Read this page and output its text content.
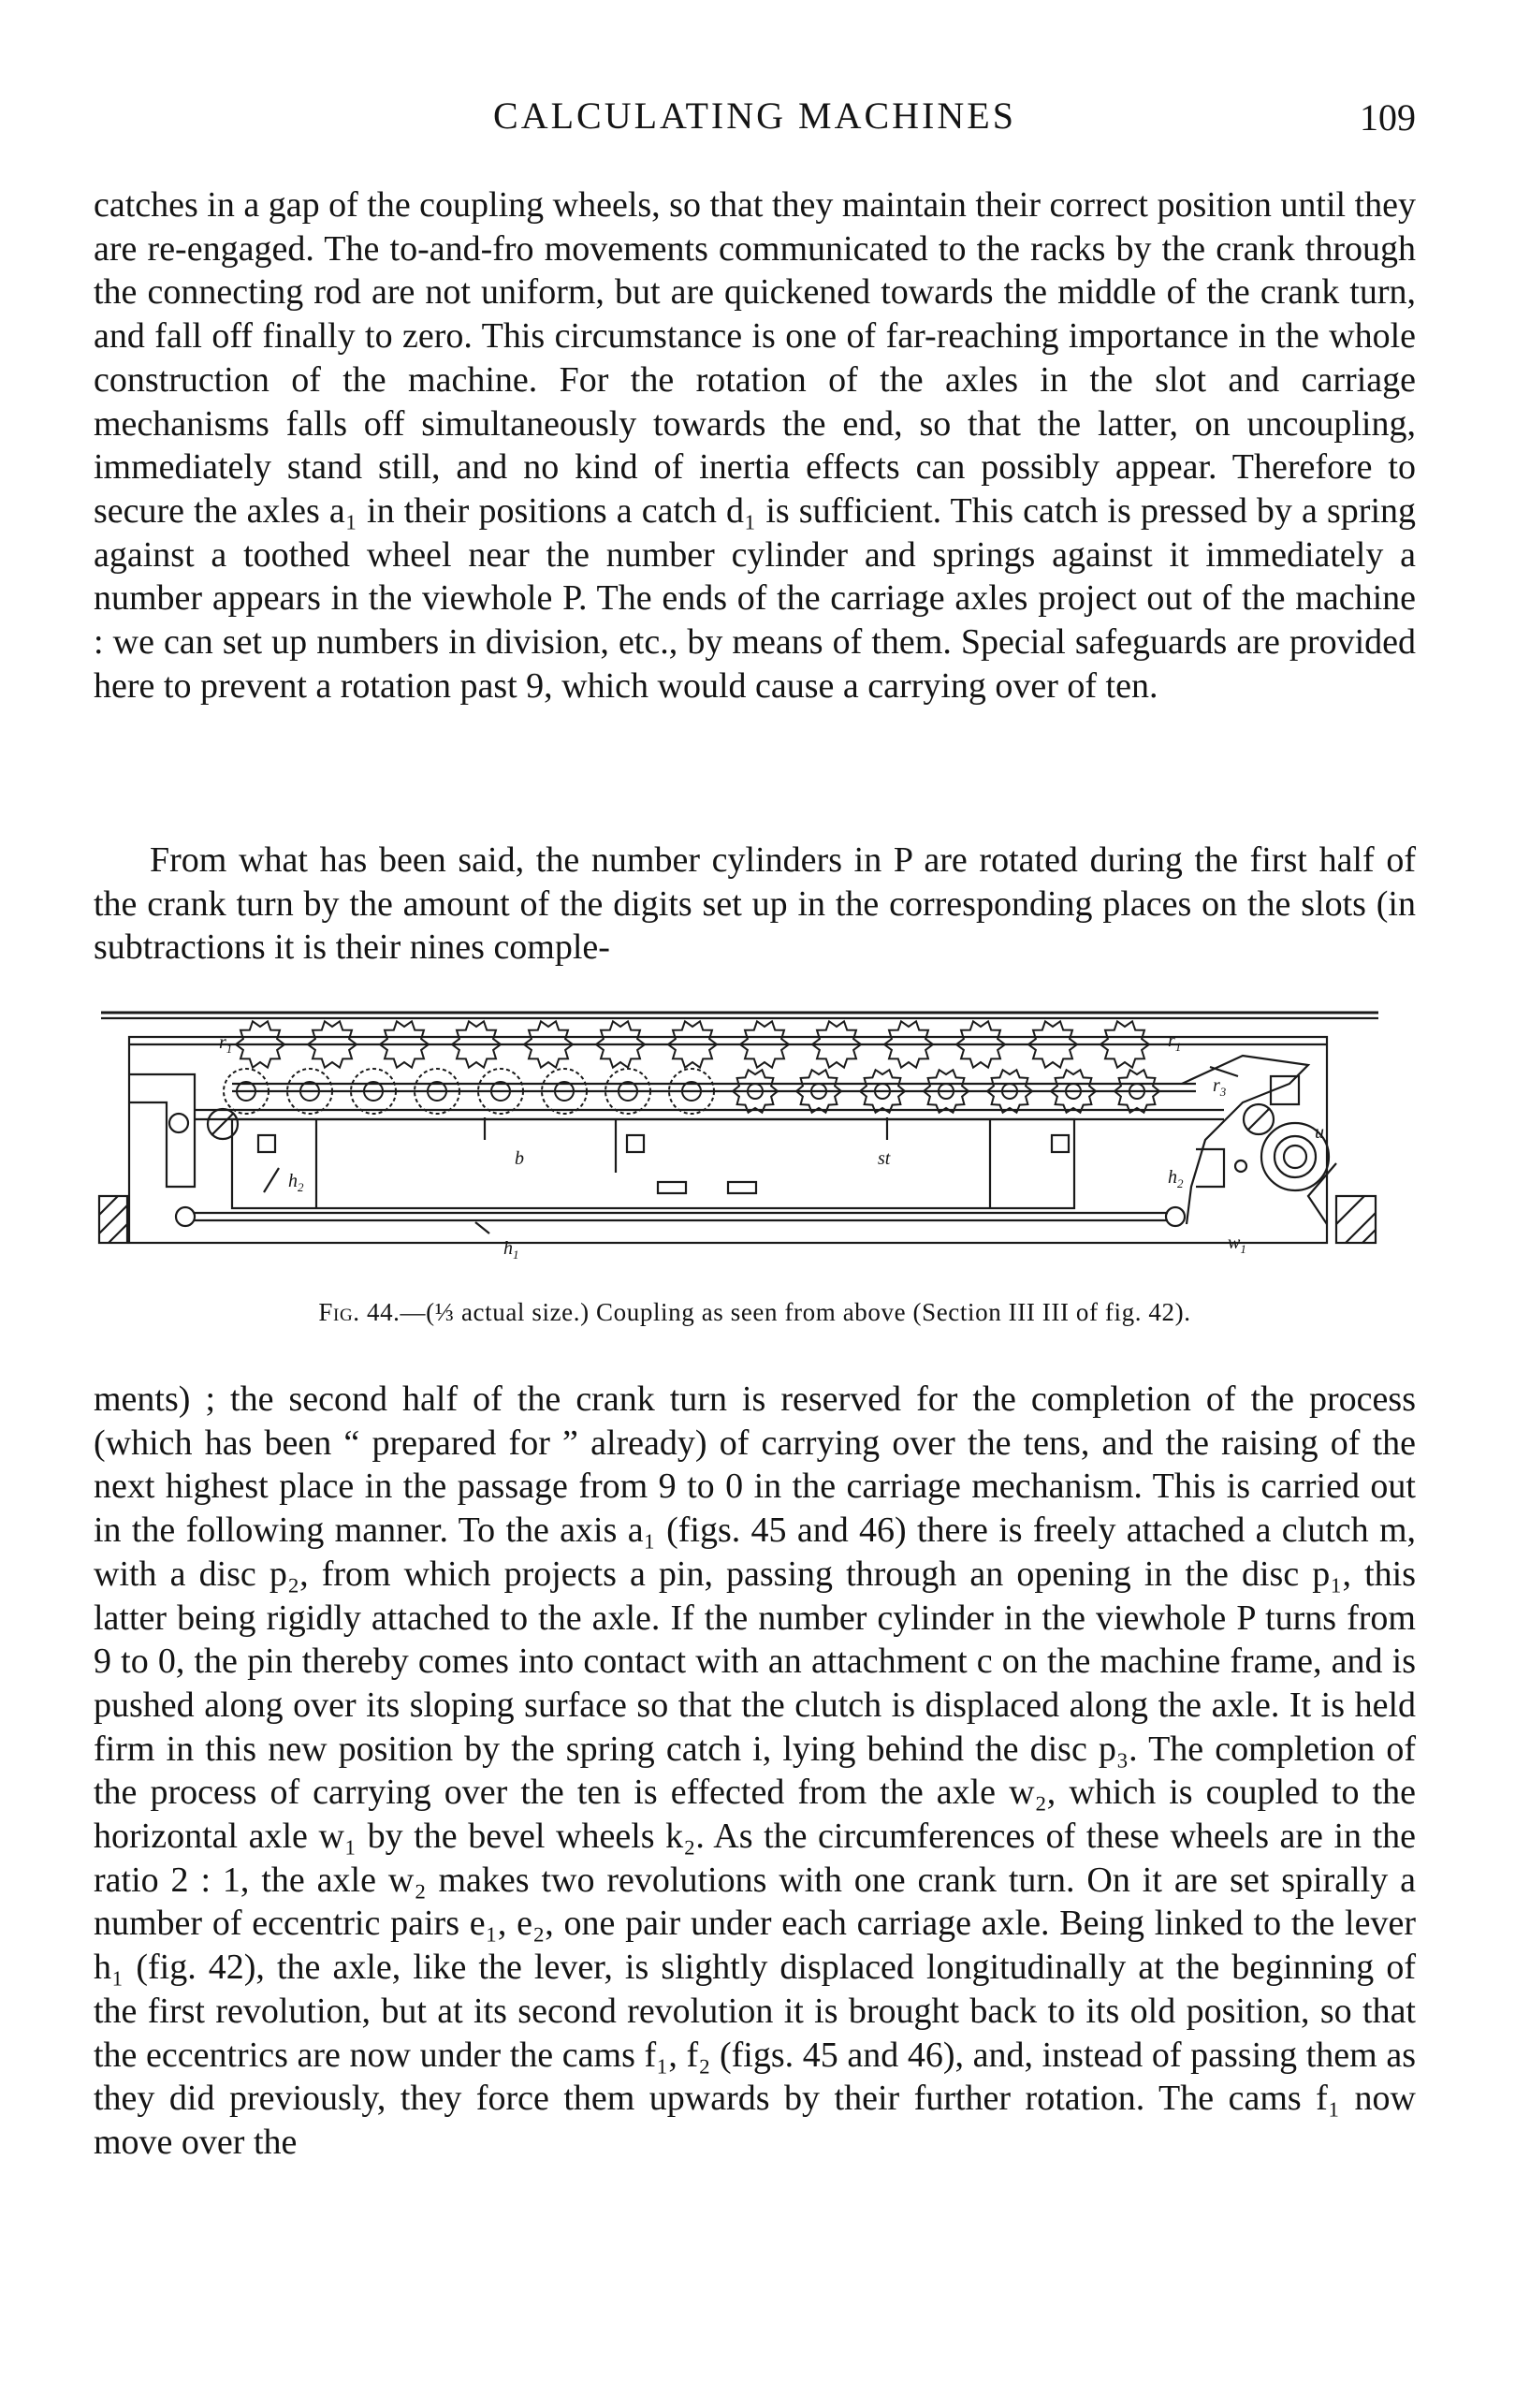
CALCULATING MACHINES	109

catches in a gap of the coupling wheels, so that they maintain their correct position until they are re-engaged. The to-and-fro movements communicated to the racks by the crank through the connecting rod are not uniform, but are quickened towards the middle of the crank turn, and fall off finally to zero. This circumstance is one of far-reaching importance in the whole construction of the machine. For the rotation of the axles in the slot and carriage mechanisms falls off simultaneously towards the end, so that the latter, on uncoupling, immediately stand still, and no kind of inertia effects can possibly appear. Therefore to secure the axles a₁ in their positions a catch d₁ is sufficient. This catch is pressed by a spring against a toothed wheel near the number cylinder and springs against it immediately a number appears in the viewhole P. The ends of the carriage axles project out of the machine : we can set up numbers in division, etc., by means of them. Special safeguards are provided here to prevent a rotation past 9, which would cause a carrying over of ten.

From what has been said, the number cylinders in P are rotated during the first half of the crank turn by the amount of the digits set up in the corresponding places on the slots (in subtractions it is their nines comple-

$r_1$	$r_1$
$r_3$
b	st
u
$h_2$	$h_2$
$h_1$
$w_1$
Fig. 44.—(⅓ actual size.) Coupling as seen from above (Section III III of fig. 42).

ments) ; the second half of the crank turn is reserved for the completion of the process (which has been “ prepared for ” already) of carrying over the tens, and the raising of the next highest place in the passage from 9 to 0 in the carriage mechanism. This is carried out in the following manner. To the axis a₁ (figs. 45 and 46) there is freely attached a clutch m, with a disc p₂, from which projects a pin, passing through an opening in the disc p₁, this latter being rigidly attached to the axle. If the number cylinder in the viewhole P turns from 9 to 0, the pin thereby comes into contact with an attachment c on the machine frame, and is pushed along over its sloping surface so that the clutch is displaced along the axle. It is held firm in this new position by the spring catch i, lying behind the disc p₃. The completion of the process of carrying over the ten is effected from the axle w₂, which is coupled to the horizontal axle w₁ by the bevel wheels k₂. As the circumferences of these wheels are in the ratio 2 : 1, the axle w₂ makes two revolutions with one crank turn. On it are set spirally a number of eccentric pairs e₁, e₂, one pair under each carriage axle. Being linked to the lever h₁ (fig. 42), the axle, like the lever, is slightly displaced longitudinally at the beginning of the first revolution, but at its second revolution it is brought back to its old position, so that the eccentrics are now under the cams f₁, f₂ (figs. 45 and 46), and, instead of passing them as they did previously, they force them upwards by their further rotation. The cams f₁ now move over the
